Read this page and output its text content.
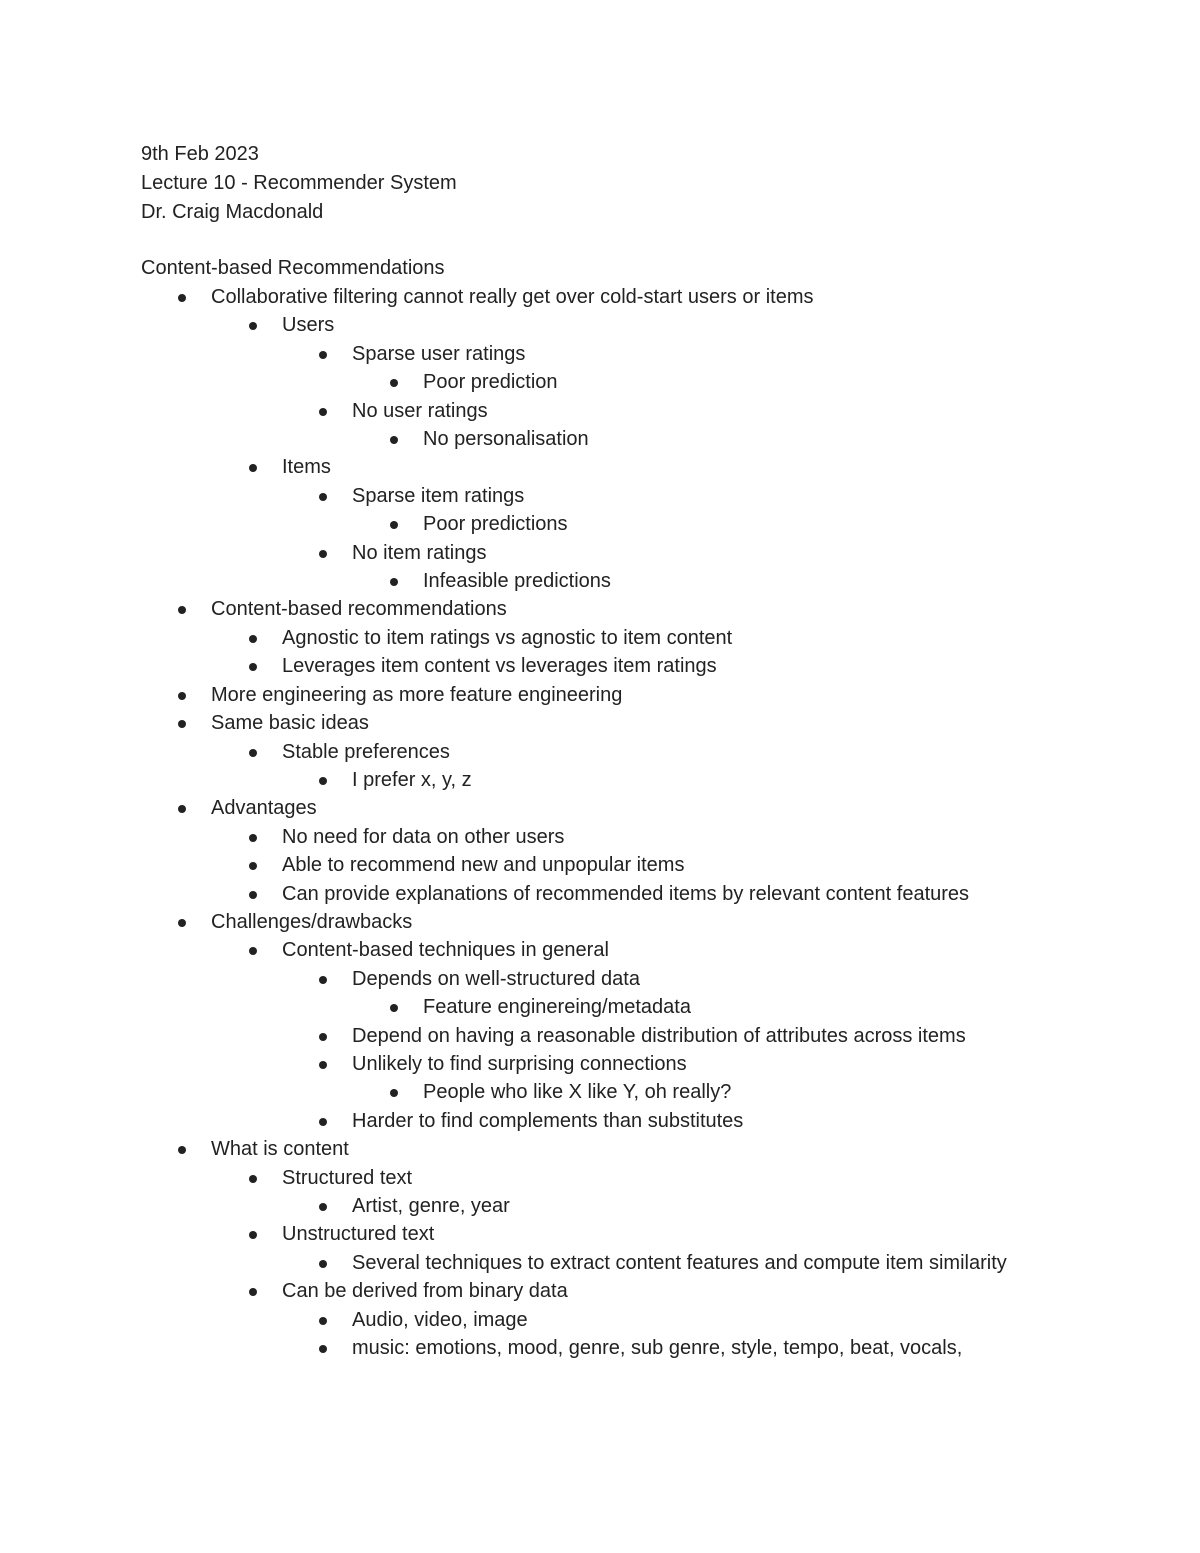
9th Feb 2023
Lecture 10 - Recommender System
Dr. Craig Macdonald
Content-based Recommendations
Collaborative filtering cannot really get over cold-start users or items
Users
Sparse user ratings
Poor prediction
No user ratings
No personalisation
Items
Sparse item ratings
Poor predictions
No item ratings
Infeasible predictions
Content-based recommendations
Agnostic to item ratings vs agnostic to item content
Leverages item content vs leverages item ratings
More engineering as more feature engineering
Same basic ideas
Stable preferences
I prefer x, y, z
Advantages
No need for data on other users
Able to recommend new and unpopular items
Can provide explanations of recommended items by relevant content features
Challenges/drawbacks
Content-based techniques in general
Depends on well-structured data
Feature enginereing/metadata
Depend on having a reasonable distribution of attributes across items
Unlikely to find surprising connections
People who like X like Y, oh really?
Harder to find complements than substitutes
What is content
Structured text
Artist, genre, year
Unstructured text
Several techniques to extract content features and compute item similarity
Can be derived from binary data
Audio, video, image
music: emotions, mood, genre, sub genre, style, tempo, beat, vocals,
